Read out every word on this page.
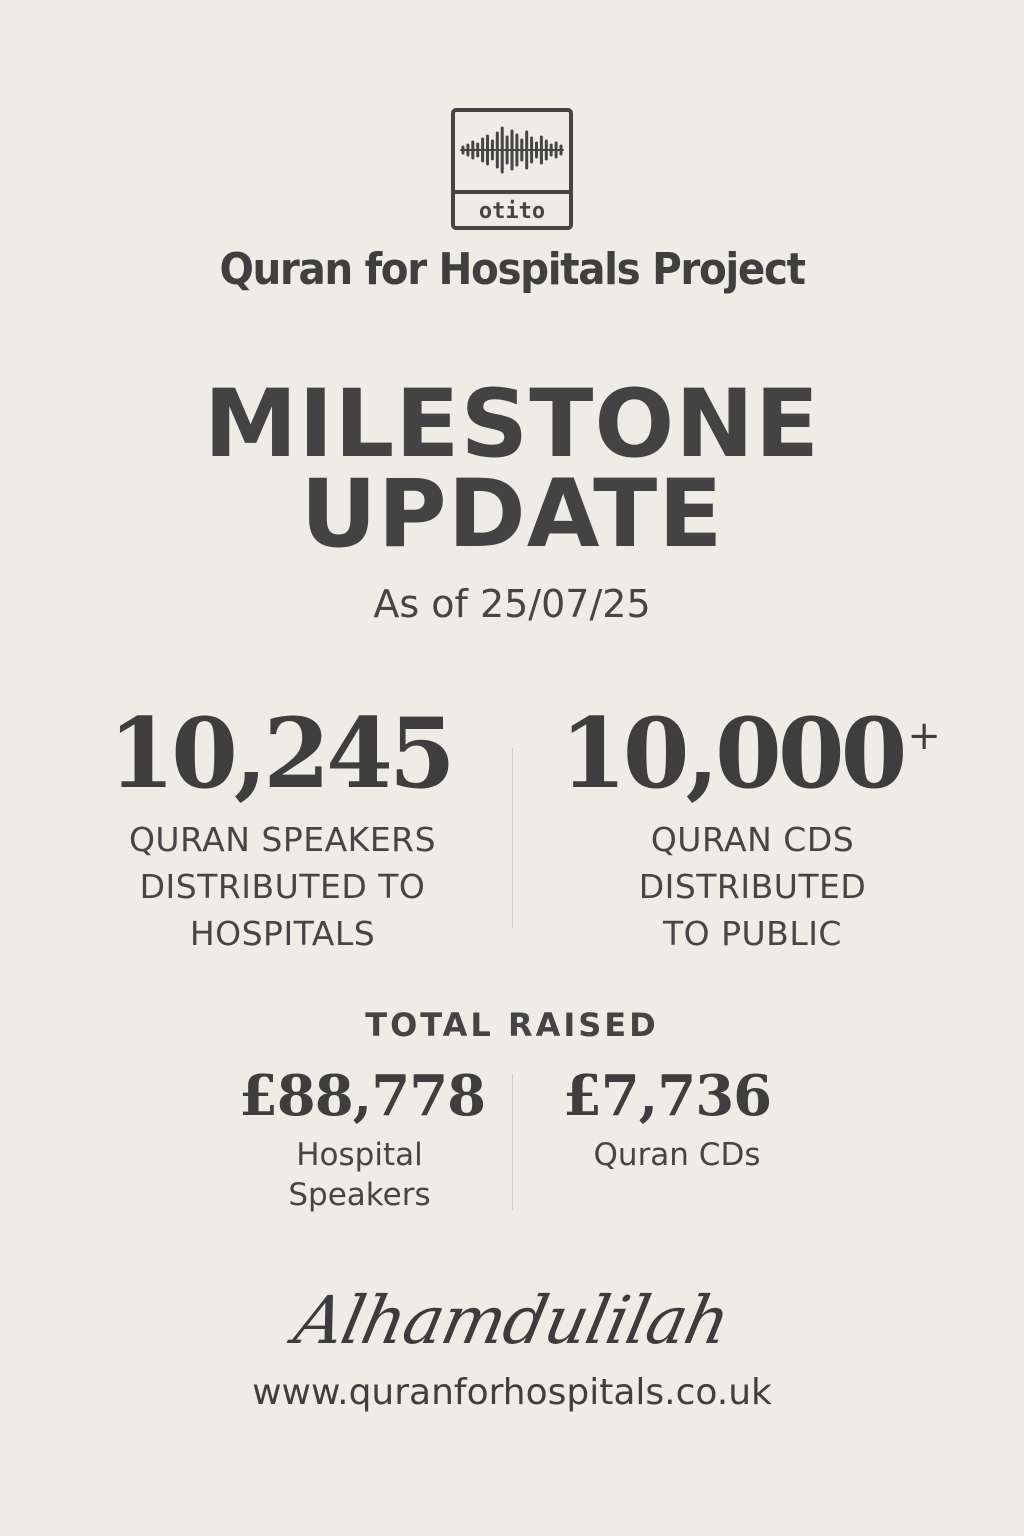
otito
Quran for Hospitals Project
MILESTONE
UPDATE
As of 25/07/25
10,245
QURAN SPEAKERS
DISTRIBUTED TO
HOSPITALS
10,000 +
QURAN CDS
DISTRIBUTED
TO PUBLIC
TOTAL RAISED
£88,778
Hospital
Speakers
£7,736
Quran CDs
Alhamdulilah
www.quranforhospitals.co.uk
